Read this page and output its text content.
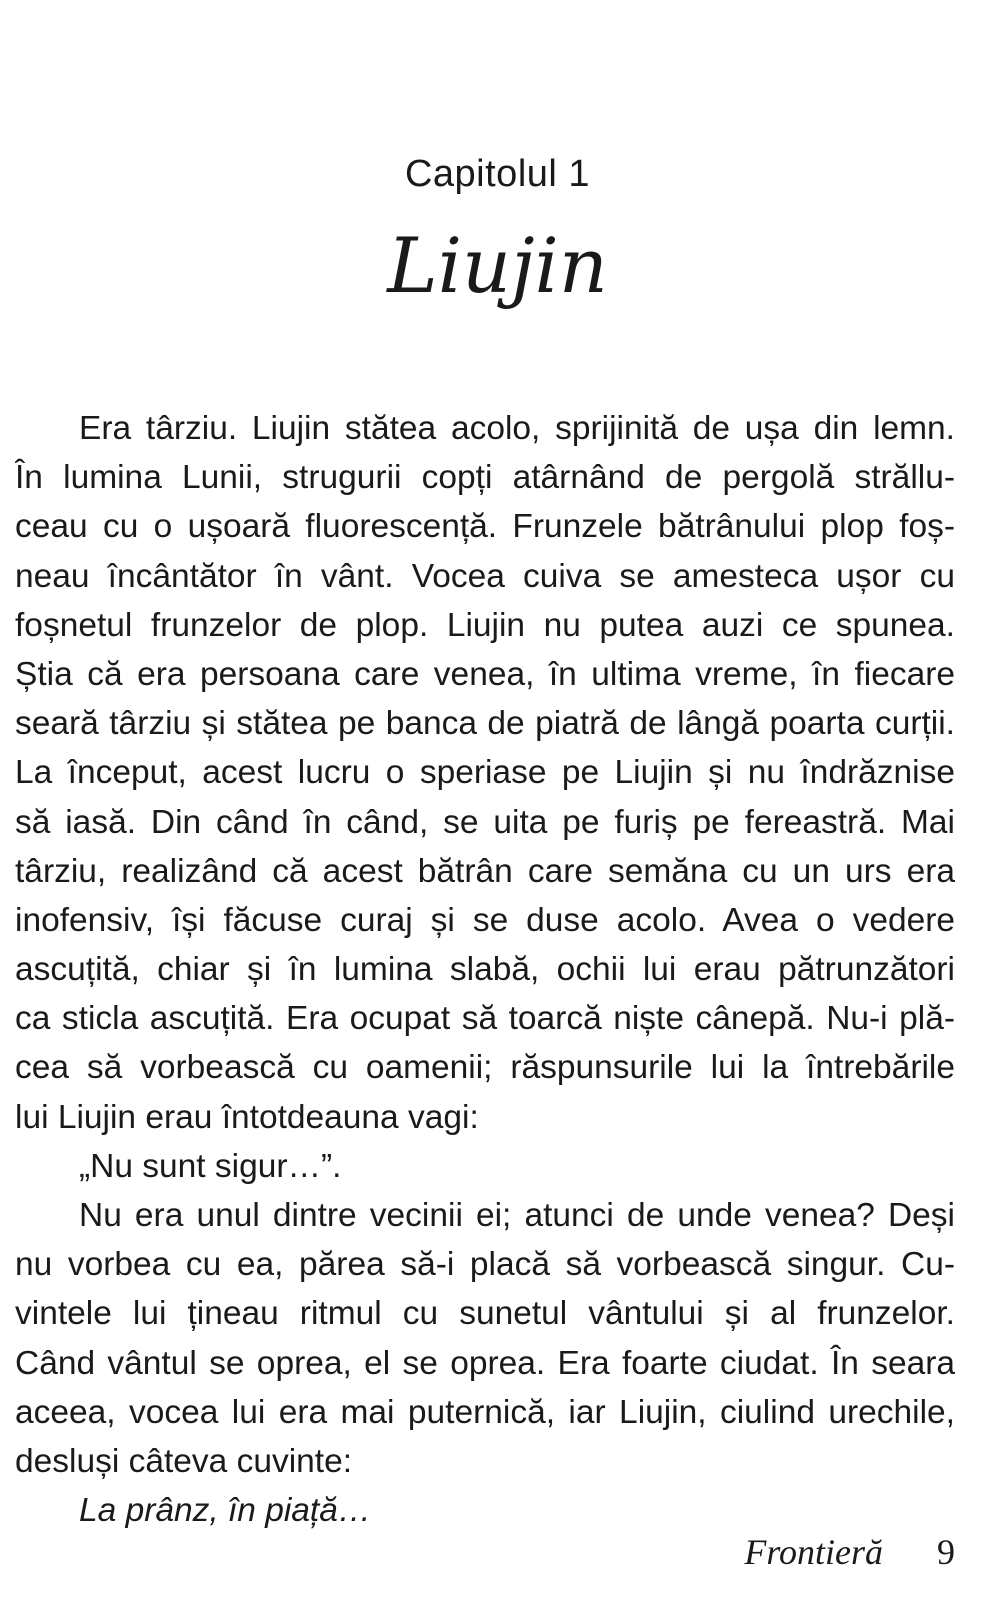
Capitolul 1
Liujin
Era târziu. Liujin stătea acolo, sprijinită de ușa din lemn.
În lumina Lunii, strugurii copți atârnând de pergolă străllu-
ceau cu o ușoară fluorescență. Frunzele bătrânului plop foș-
neau încântător în vânt. Vocea cuiva se amesteca ușor cu
foșnetul frunzelor de plop. Liujin nu putea auzi ce spunea.
Știa că era persoana care venea, în ultima vreme, în fiecare
seară târziu și stătea pe banca de piatră de lângă poarta curții.
La început, acest lucru o speriase pe Liujin și nu îndrăznise
să iasă. Din când în când, se uita pe furiș pe fereastră. Mai
târziu, realizând că acest bătrân care semăna cu un urs era
inofensiv, își făcuse curaj și se duse acolo. Avea o vedere
ascuțită, chiar și în lumina slabă, ochii lui erau pătrunzători
ca sticla ascuțită. Era ocupat să toarcă niște cânepă. Nu-i plă-
cea să vorbească cu oamenii; răspunsurile lui la întrebările
lui Liujin erau întotdeauna vagi:
„Nu sunt sigur…”.
Nu era unul dintre vecinii ei; atunci de unde venea? Deși
nu vorbea cu ea, părea să-i placă să vorbească singur. Cu-
vintele lui țineau ritmul cu sunetul vântului și al frunzelor.
Când vântul se oprea, el se oprea. Era foarte ciudat. În seara
aceea, vocea lui era mai puternică, iar Liujin, ciulind urechile,
desluși câteva cuvinte:
La prânz, în piață…
Frontieră 9
